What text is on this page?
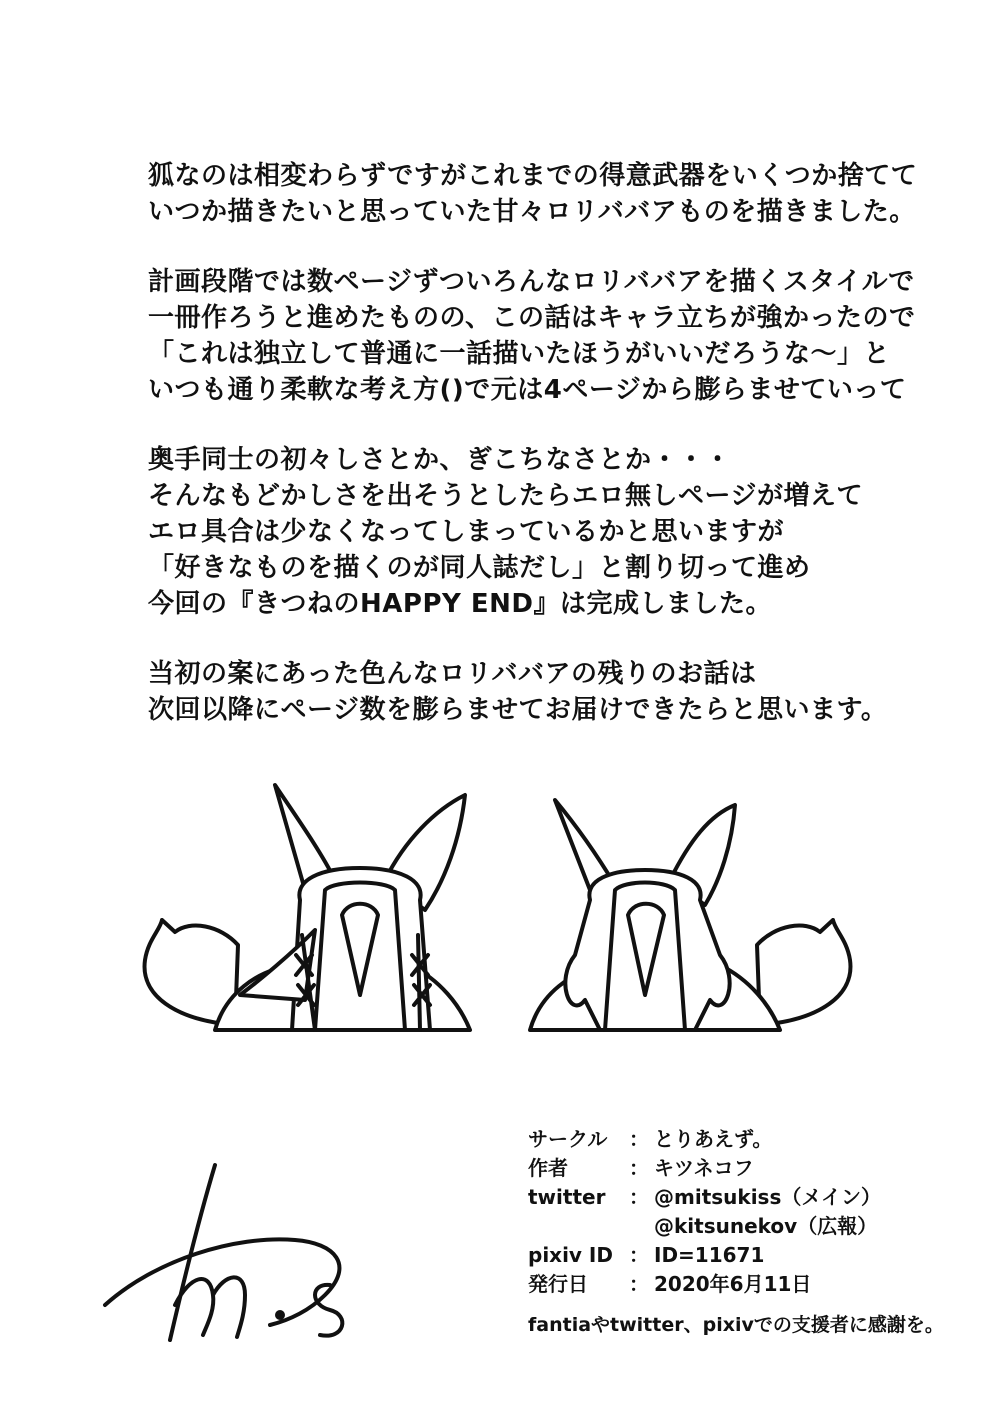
狐なのは相変わらずですがこれまでの得意武器をいくつか捨てて
いつか描きたいと思っていた甘々ロリババアものを描きました。
計画段階では数ページずついろんなロリババアを描くスタイルで
一冊作ろうと進めたものの、この話はキャラ立ちが強かったので
「これは独立して普通に一話描いたほうがいいだろうな〜」と
いつも通り柔軟な考え方()で元は4ページから膨らませていって
奥手同士の初々しさとか、ぎこちなさとか・・・
そんなもどかしさを出そうとしたらエロ無しページが増えて
エロ具合は少なくなってしまっているかと思いますが
「好きなものを描くのが同人誌だし」と割り切って進め
今回の『きつねのHAPPY END』は完成しました。
当初の案にあった色んなロリババアの残りのお話は
次回以降にページ数を膨らませてお届けできたらと思います。
サークル	： とりあえず。
作者	： キツネコフ
twitter	： @mitsukiss（メイン）
@kitsunekov（広報）
pixiv ID ： ID=11671
発行日	： 2020年6月11日
fantiaやtwitter、pixivでの支援者に感謝を。
